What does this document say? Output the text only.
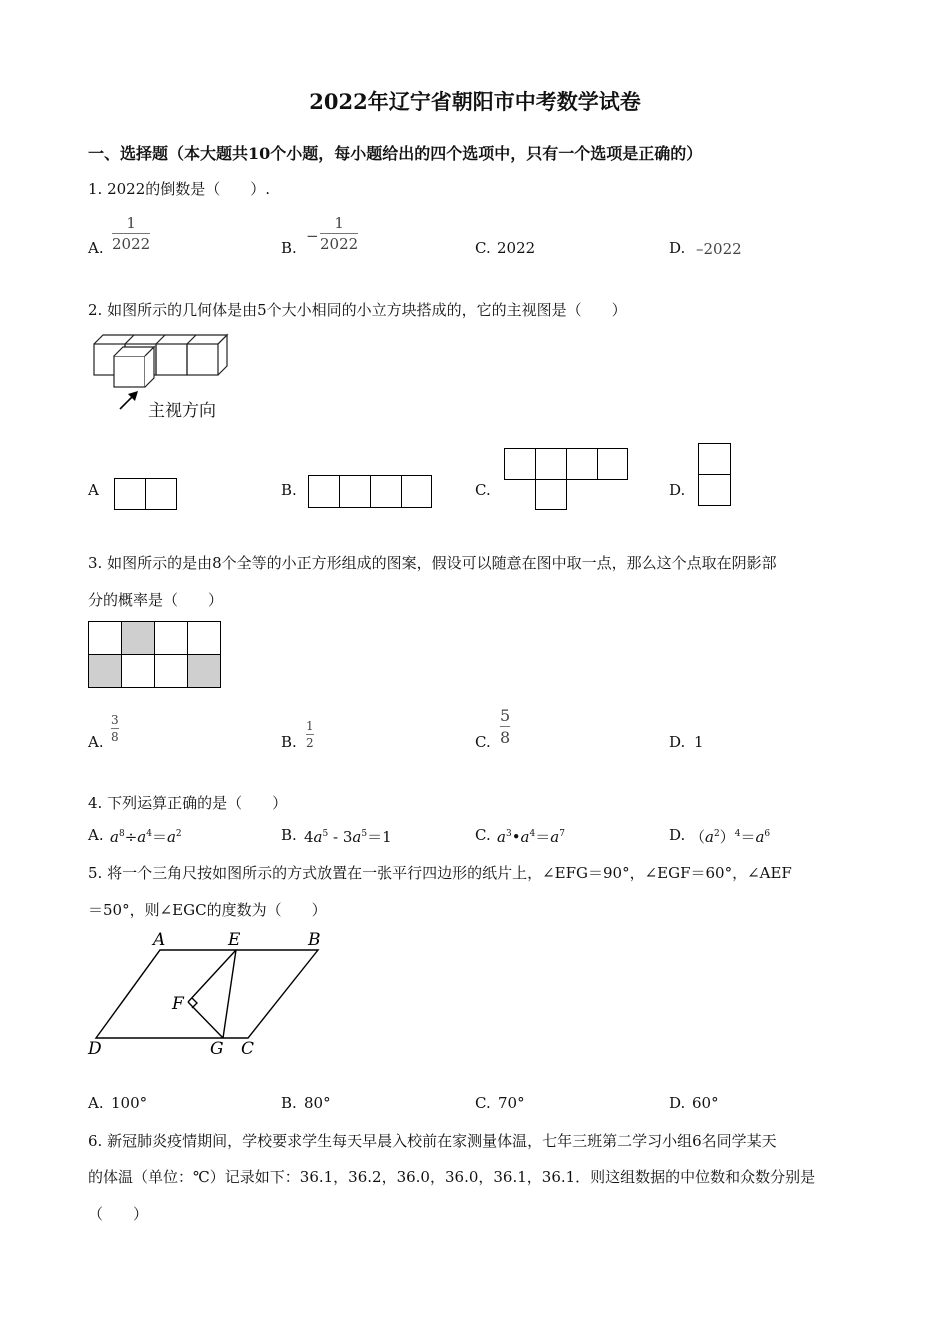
2022年辽宁省朝阳市中考数学试卷
一、选择题（本大题共10个小题，每小题给出的四个选项中，只有一个选项是正确的）
1. 2022的倒数是（　　）.
A.
1
2022	B.
−
1
2022	C. 2022	D. –2022
2. 如图所示的几何体是由5个大小相同的小立方块搭成的，它的主视图是（　　）
主视方向
A	B.	C.	D.
3. 如图所示的是由8个全等的小正方形组成的图案，假设可以随意在图中取一点，那么这个点取在阴影部
分的概率是（　　）
A.
3
8	B.
1
2	C.
5
8	D. 1
4. 下列运算正确的是（　　）
A. $a^8\div a^4=a^2$	B. $4a^5 - 3a^5=1$	C. $a^3•a^4=a^7$	D. $(a^2)^4=a^6$
5. 将一个三角尺按如图所示的方式放置在一张平行四边形的纸片上，∠EFG＝90°，∠EGF＝60°，∠AEF
＝50°，则∠EGC的度数为（　　）
A	E	B
F
D	G C
A. 100°	B. 80°	C. 70°	D. 60°
6. 新冠肺炎疫情期间，学校要求学生每天早晨入校前在家测量体温，七年三班第二学习小组6名同学某天
的体温（单位：℃）记录如下：36.1，36.2，36.0，36.0，36.1，36.1．则这组数据的中位数和众数分别是
（　　）
